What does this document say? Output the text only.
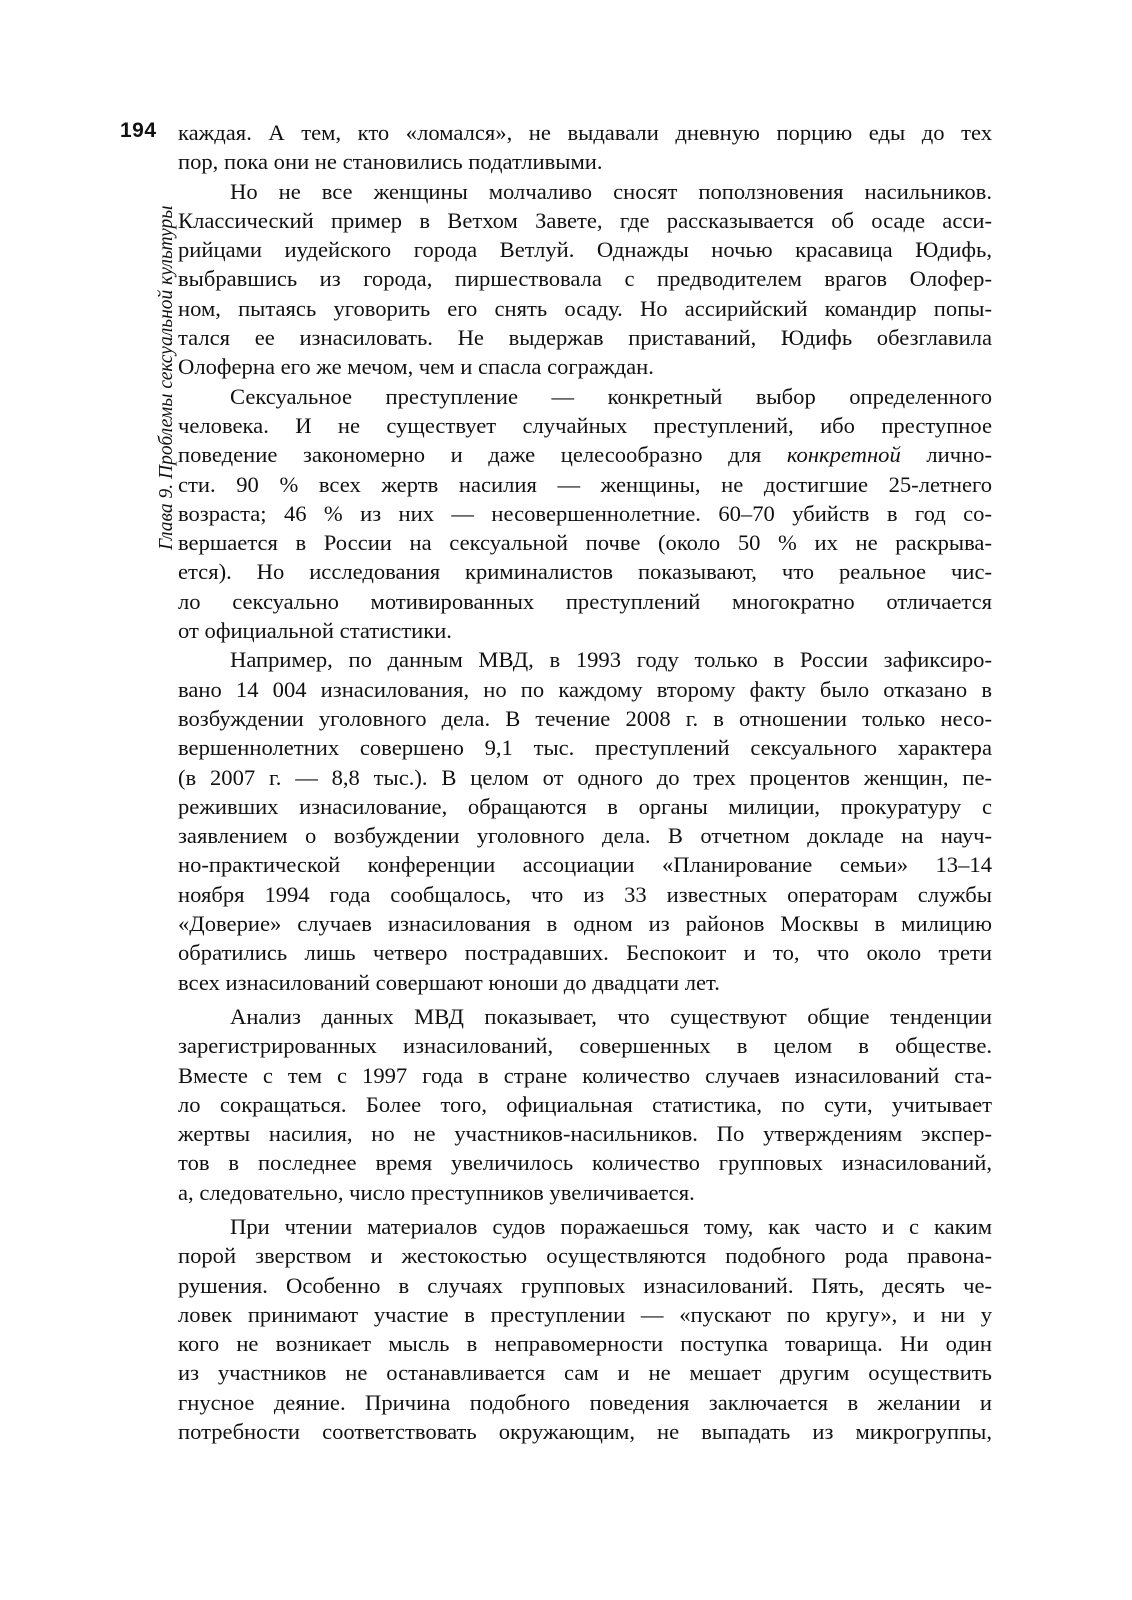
194
Глава 9. Проблемы сексуальной культуры

каждая. А тем, кто «ломался», не выдавали дневную порцию еды до тех
пор, пока они не становились податливыми.

Но не все женщины молчаливо сносят поползновения насильников.
Классический пример в Ветхом Завете, где рассказывается об осаде асси-
рийцами иудейского города Ветлуй. Однажды ночью красавица Юдифь,
выбравшись из города, пиршествовала с предводителем врагов Олофер-
ном, пытаясь уговорить его снять осаду. Но ассирийский командир попы-
тался ее изнасиловать. Не выдержав приставаний, Юдифь обезглавила
Олоферна его же мечом, чем и спасла сограждан.

Сексуальное преступление — конкретный выбор определенного
человека. И не существует случайных преступлений, ибо преступное
поведение закономерно и даже целесообразно для конкретной лично-
сти. 90 % всех жертв насилия — женщины, не достигшие 25-летнего
возраста; 46 % из них — несовершеннолетние. 60–70 убийств в год со-
вершается в России на сексуальной почве (около 50 % их не раскрыва-
ется). Но исследования криминалистов показывают, что реальное чис-
ло сексуально мотивированных преступлений многократно отличается
от официальной статистики.

Например, по данным МВД, в 1993 году только в России зафиксиро-
вано 14 004 изнасилования, но по каждому второму факту было отказано в
возбуждении уголовного дела. В течение 2008 г. в отношении только несо-
вершеннолетних совершено 9,1 тыс. преступлений сексуального характера
(в 2007 г. — 8,8 тыс.). В целом от одного до трех процентов женщин, пе-
реживших изнасилование, обращаются в органы милиции, прокуратуру с
заявлением о возбуждении уголовного дела. В отчетном докладе на науч-
но-практической конференции ассоциации «Планирование семьи» 13–14
ноября 1994 года сообщалось, что из 33 известных операторам службы
«Доверие» случаев изнасилования в одном из районов Москвы в милицию
обратились лишь четверо пострадавших. Беспокоит и то, что около трети
всех изнасилований совершают юноши до двадцати лет.

Анализ данных МВД показывает, что существуют общие тенденции
зарегистрированных изнасилований, совершенных в целом в обществе.
Вместе с тем с 1997 года в стране количество случаев изнасилований ста-
ло сокращаться. Более того, официальная статистика, по сути, учитывает
жертвы насилия, но не участников-насильников. По утверждениям экспер-
тов в последнее время увеличилось количество групповых изнасилований,
а, следовательно, число преступников увеличивается.

При чтении материалов судов поражаешься тому, как часто и с каким
порой зверством и жестокостью осуществляются подобного рода правона-
рушения. Особенно в случаях групповых изнасилований. Пять, десять че-
ловек принимают участие в преступлении — «пускают по кругу», и ни у
кого не возникает мысль в неправомерности поступка товарища. Ни один
из участников не останавливается сам и не мешает другим осуществить
гнусное деяние. Причина подобного поведения заключается в желании и
потребности соответствовать окружающим, не выпадать из микрогруппы,
